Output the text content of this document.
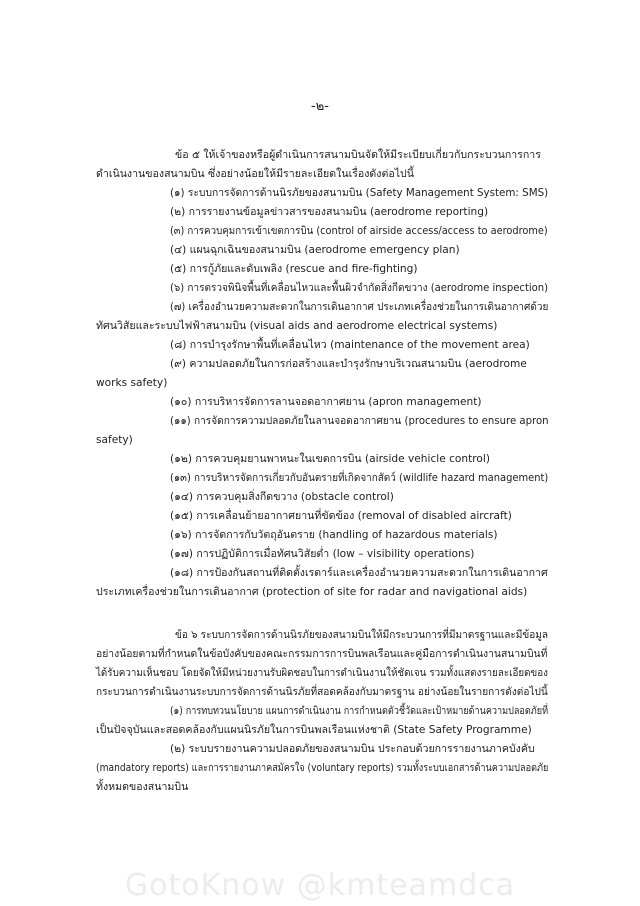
-๒-
ข้อ ๕ ให้เจ้าของหรือผู้ดำเนินการสนามบินจัดให้มีระเบียบเกี่ยวกับกระบวนการการ
ดำเนินงานของสนามบิน ซึ่งอย่างน้อยให้มีรายละเอียดในเรื่องดังต่อไปนี้
(๑) ระบบการจัดการด้านนิรภัยของสนามบิน (Safety Management System: SMS)
(๒) การรายงานข้อมูลข่าวสารของสนามบิน (aerodrome reporting)
(๓) การควบคุมการเข้าเขตการบิน (control of airside access/access to aerodrome)
(๔) แผนฉุกเฉินของสนามบิน (aerodrome emergency plan)
(๕) การกู้ภัยและดับเพลิง (rescue and fire-fighting)
(๖) การตรวจพินิจพื้นที่เคลื่อนไหวและพื้นผิวจำกัดสิ่งกีดขวาง (aerodrome inspection)
(๗) เครื่องอำนวยความสะดวกในการเดินอากาศ ประเภทเครื่องช่วยในการเดินอากาศด้วย
ทัศนวิสัยและระบบไฟฟ้าสนามบิน (visual aids and aerodrome electrical systems)
(๘) การบำรุงรักษาพื้นที่เคลื่อนไหว (maintenance of the movement area)
(๙) ความปลอดภัยในการก่อสร้างและบำรุงรักษาบริเวณสนามบิน (aerodrome
works safety)
(๑๐) การบริหารจัดการลานจอดอากาศยาน (apron management)
(๑๑) การจัดการความปลอดภัยในลานจอดอากาศยาน (procedures to ensure apron
safety)
(๑๒) การควบคุมยานพาหนะในเขตการบิน (airside vehicle control)
(๑๓) การบริหารจัดการเกี่ยวกับอันตรายที่เกิดจากสัตว์ (wildlife hazard management)
(๑๔) การควบคุมสิ่งกีดขวาง (obstacle control)
(๑๕) การเคลื่อนย้ายอากาศยานที่ขัดข้อง (removal of disabled aircraft)
(๑๖) การจัดการกับวัตถุอันตราย (handling of hazardous materials)
(๑๗) การปฏิบัติการเมื่อทัศนวิสัยต่ำ (low – visibility operations)
(๑๘) การป้องกันสถานที่ติดตั้งเรดาร์และเครื่องอำนวยความสะดวกในการเดินอากาศ
ประเภทเครื่องช่วยในการเดินอากาศ (protection of site for radar and navigational aids)
ข้อ ๖ ระบบการจัดการด้านนิรภัยของสนามบินให้มีกระบวนการที่มีมาตรฐานและมีข้อมูล
อย่างน้อยตามที่กำหนดในข้อบังคับของคณะกรรมการการบินพลเรือนและคู่มือการดำเนินงานสนามบินที่
ได้รับความเห็นชอบ โดยจัดให้มีหน่วยงานรับผิดชอบในการดำเนินงานให้ชัดเจน รวมทั้งแสดงรายละเอียดของ
กระบวนการดำเนินงานระบบการจัดการด้านนิรภัยที่สอดคล้องกับมาตรฐาน อย่างน้อยในรายการดังต่อไปนี้
(๑) การทบทวนนโยบาย แผนการดำเนินงาน การกำหนดตัวชี้วัดและเป้าหมายด้านความปลอดภัยที่
เป็นปัจจุบันและสอดคล้องกับแผนนิรภัยในการบินพลเรือนแห่งชาติ (State Safety Programme)
(๒) ระบบรายงานความปลอดภัยของสนามบิน ประกอบด้วยการรายงานภาคบังคับ
(mandatory reports) และการรายงานภาคสมัครใจ (voluntary reports) รวมทั้งระบบเอกสารด้านความปลอดภัย
ทั้งหมดของสนามบิน
GotoKnow @kmteamdca
